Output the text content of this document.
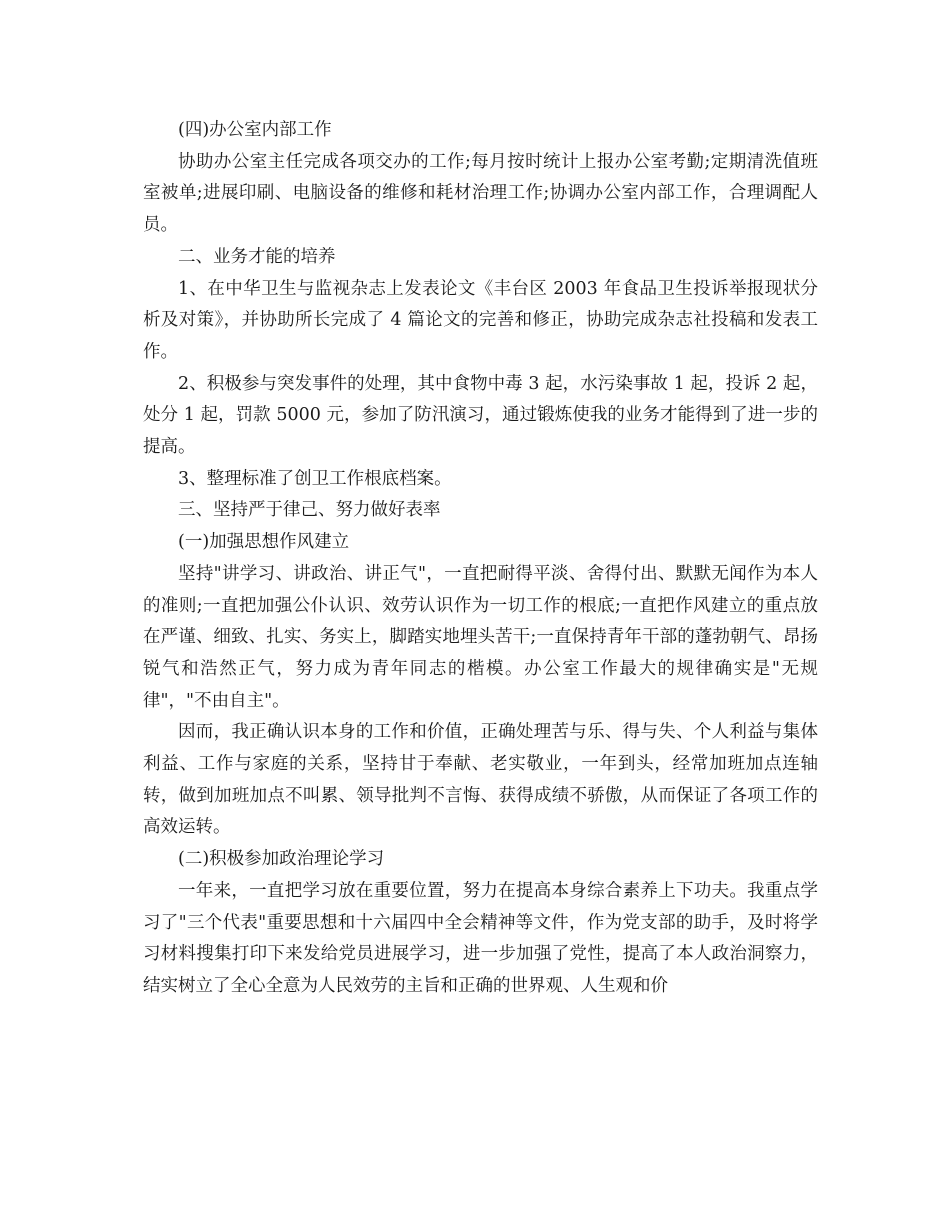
(四)办公室内部工作

协助办公室主任完成各项交办的工作;每月按时统计上报办公室考勤;定期清洗值班室被单;进展印刷、电脑设备的维修和耗材治理工作;协调办公室内部工作，合理调配人员。

二、业务才能的培养

1、在中华卫生与监视杂志上发表论文《丰台区 2003 年食品卫生投诉举报现状分析及对策》，并协助所长完成了 4 篇论文的完善和修正，协助完成杂志社投稿和发表工作。

2、积极参与突发事件的处理，其中食物中毒 3 起，水污染事故 1 起，投诉 2 起，处分 1 起，罚款 5000 元，参加了防汛演习，通过锻炼使我的业务才能得到了进一步的提高。

3、整理标准了创卫工作根底档案。

三、坚持严于律己、努力做好表率

(一)加强思想作风建立

坚持"讲学习、讲政治、讲正气"，一直把耐得平淡、舍得付出、默默无闻作为本人的准则;一直把加强公仆认识、效劳认识作为一切工作的根底;一直把作风建立的重点放在严谨、细致、扎实、务实上，脚踏实地埋头苦干;一直保持青年干部的蓬勃朝气、昂扬锐气和浩然正气，努力成为青年同志的楷模。办公室工作最大的规律确实是"无规律"，"不由自主"。

因而，我正确认识本身的工作和价值，正确处理苦与乐、得与失、个人利益与集体利益、工作与家庭的关系，坚持甘于奉献、老实敬业，一年到头，经常加班加点连轴转，做到加班加点不叫累、领导批判不言悔、获得成绩不骄傲，从而保证了各项工作的高效运转。

(二)积极参加政治理论学习

一年来，一直把学习放在重要位置，努力在提高本身综合素养上下功夫。我重点学习了"三个代表"重要思想和十六届四中全会精神等文件，作为党支部的助手，及时将学习材料搜集打印下来发给党员进展学习，进一步加强了党性，提高了本人政治洞察力，结实树立了全心全意为人民效劳的主旨和正确的世界观、人生观和价
